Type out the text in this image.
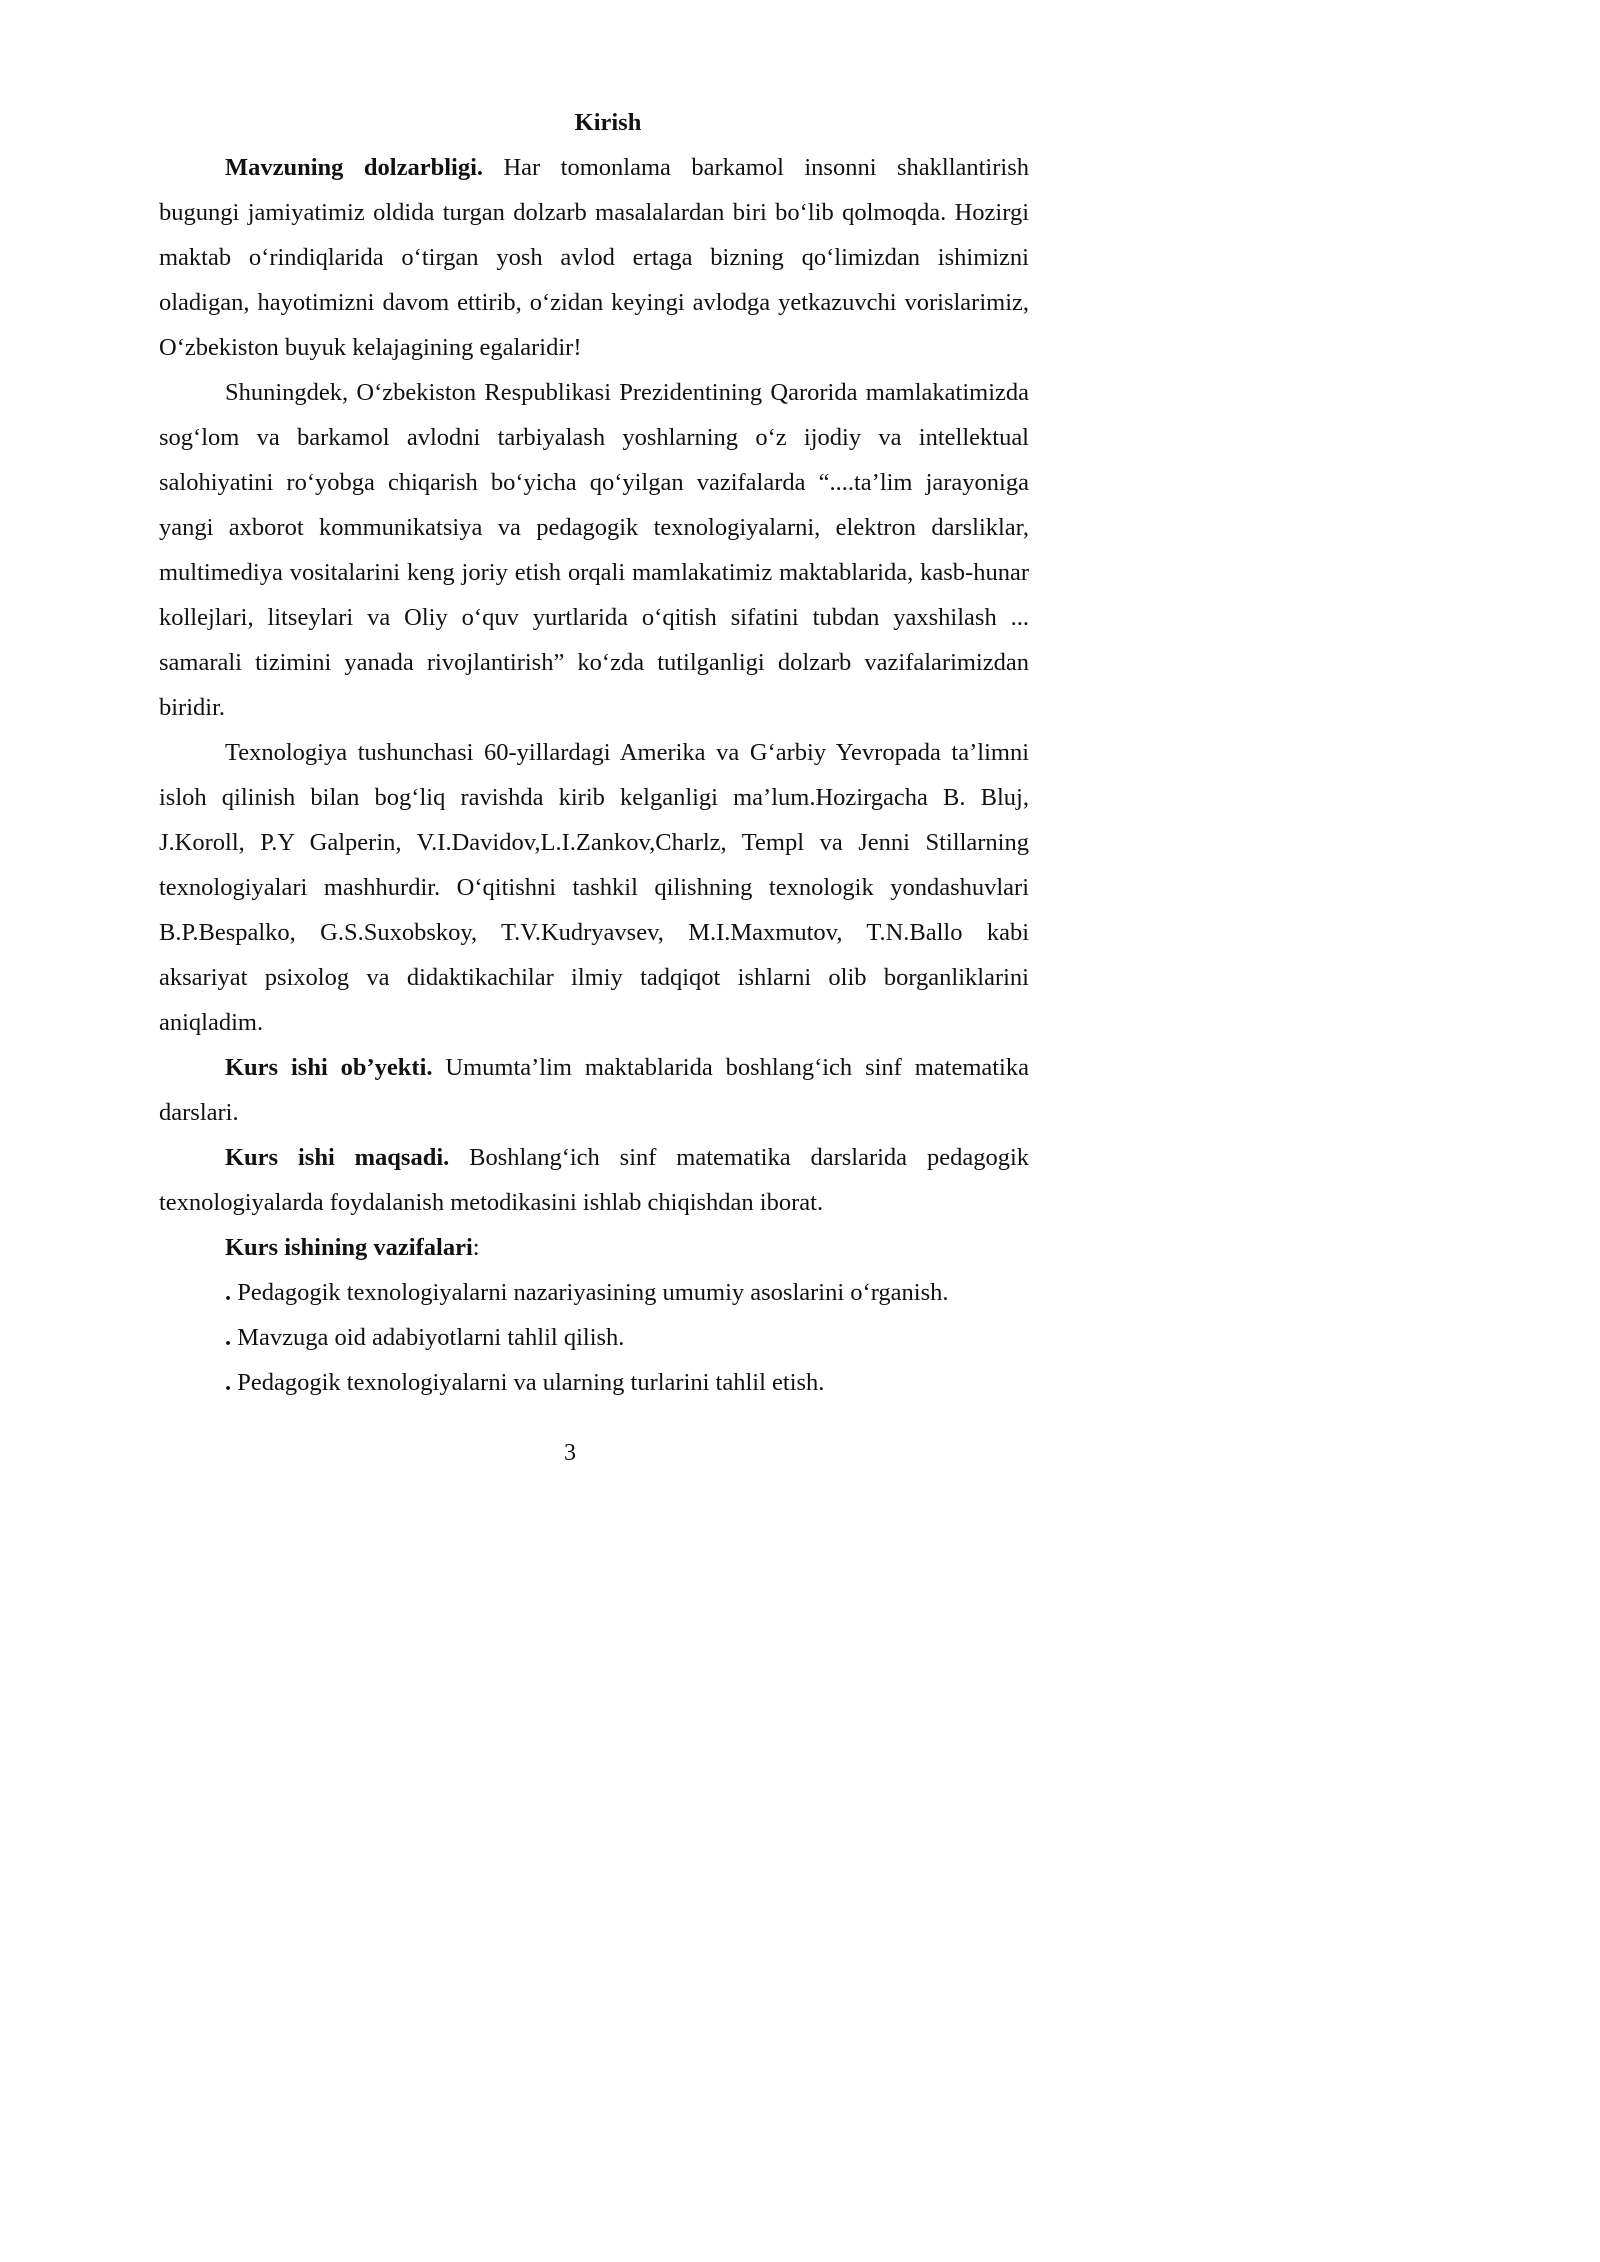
Kirish

Mavzuning dolzarbligi. Har tomonlama barkamol insonni shakllantirish bugungi jamiyatimiz oldida turgan dolzarb masalalardan biri bo‘lib qolmoqda. Hozirgi maktab o‘rindiqlarida o‘tirgan yosh avlod ertaga bizning qo‘limizdan ishimizni oladigan, hayotimizni davom ettirib, o‘zidan keyingi avlodga yetkazuvchi vorislarimiz, O‘zbekiston buyuk kelajagining egalaridir!

Shuningdek, O‘zbekiston Respublikasi Prezidentining Qarorida mamlakatimizda sog‘lom va barkamol avlodni tarbiyalash yoshlarning o‘z ijodiy va intellektual salohiyatini ro‘yobga chiqarish bo‘yicha qo‘yilgan vazifalarda “....ta’lim jarayoniga yangi axborot kommunikatsiya va pedagogik texnologiyalarni, elektron darsliklar, multimediya vositalarini keng joriy etish orqali mamlakatimiz maktablarida, kasb-hunar kollejlari, litseylari va Oliy o‘quv yurtlarida o‘qitish sifatini tubdan yaxshilash ... samarali tizimini yanada rivojlantirish” ko‘zda tutilganligi dolzarb vazifalarimizdan biridir.

Texnologiya tushunchasi 60-yillardagi Amerika va G‘arbiy Yevropada ta’limni isloh qilinish bilan bog‘liq ravishda kirib kelganligi ma’lum.Hozirgacha B. Bluj, J.Koroll, P.Y Galperin, V.I.Davidov,L.I.Zankov,Charlz, Templ va Jenni Stillarning texnologiyalari mashhurdir. O‘qitishni tashkil qilishning texnologik yondashuvlari B.P.Bespalko, G.S.Suxobskoy, T.V.Kudryavsev, M.I.Maxmutov, T.N.Ballo kabi aksariyat psixolog va didaktikachilar ilmiy tadqiqot ishlarni olib borganliklarini aniqladim.

Kurs ishi ob’yekti. Umumta’lim maktablarida boshlang‘ich sinf matematika darslari.

Kurs ishi maqsadi. Boshlang‘ich sinf matematika darslarida pedagogik texnologiyalarda foydalanish metodikasini ishlab chiqishdan iborat.

Kurs ishining vazifalari:

. Pedagogik texnologiyalarni nazariyasining umumiy asoslarini o‘rganish.

. Mavzuga oid adabiyotlarni tahlil qilish.

. Pedagogik texnologiyalarni va ularning turlarini tahlil etish.

3
